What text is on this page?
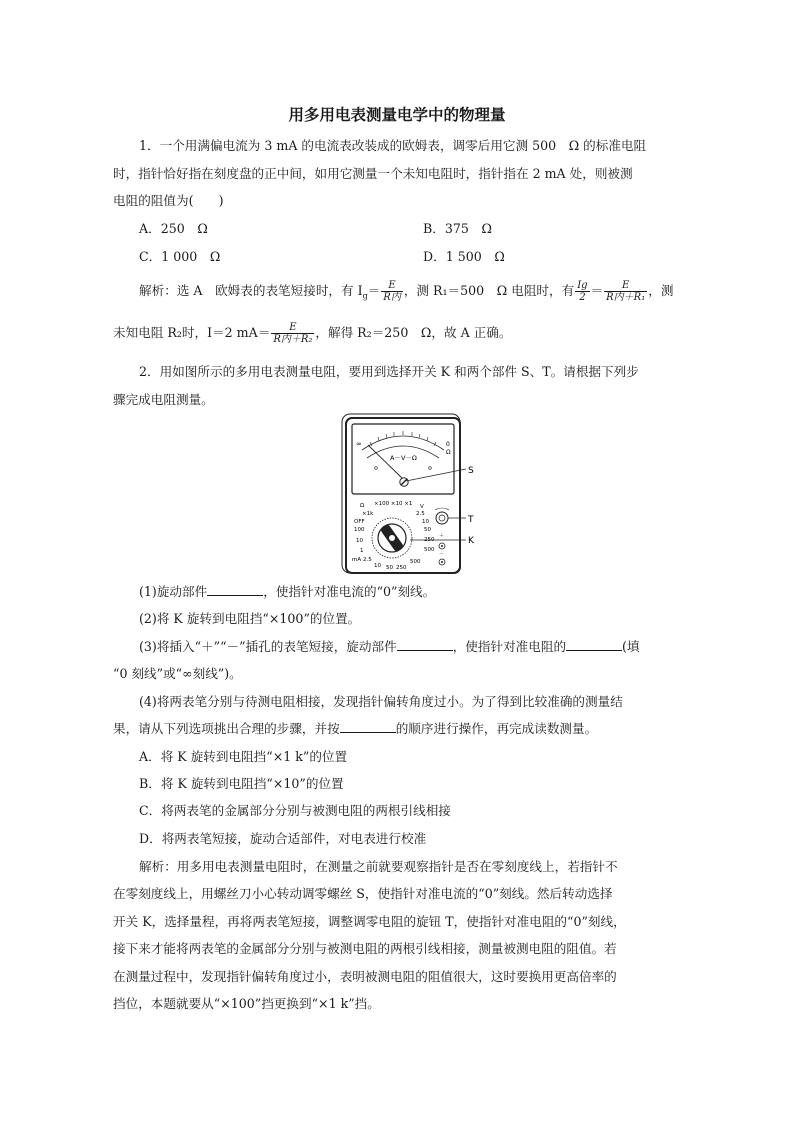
用多用电表测量电学中的物理量
1．一个用满偏电流为 3 mA 的电流表改装成的欧姆表，调零后用它测 500　Ω 的标准电阻
时，指针恰好指在刻度盘的正中间，如用它测量一个未知电阻时，指针指在 2 mA 处，则被测
电阻的阻值为(　　)
A．250　Ω	B．375　Ω
C．1 000　Ω	D．1 500　Ω
解析：选 A　欧姆表的表笔短接时，有 $I_g= \frac{E}{\text{R内}}$ ，测 R₁＝500　Ω 电阻时，有 $\frac{Ig}{2} = \frac{E}{\text{R内＋R₁}}$ ，测
未知电阻 R₂时，I＝2 $mA= \frac{E}{\text{R内＋R₂}}$ ，解得 R₂＝250　Ω，故 A 正确。
2．用如图所示的多用电表测量电阻，要用到选择开关 K 和两个部件 S、T。请根据下列步
骤完成电阻测量。
∞	0
Ω
A－V－Ω
S
Ω ×100 ×10 ×1
×1k
OFF
100
10
1
mA 2.5
10 50 250
500
V
2.5
10
50
250
500
K
T
＋
－
(1)旋动部件	，使指针对准电流的“0”刻线。
(2)将 K 旋转到电阻挡“×100”的位置。
(3)将插入“＋”“－”插孔的表笔短接，旋动部件	，使指针对准电阻的	(填
“0 刻线”或“∞刻线”)。
(4)将两表笔分别与待测电阻相接，发现指针偏转角度过小。为了得到比较准确的测量结
果，请从下列选项挑出合理的步骤，并按	的顺序进行操作，再完成读数测量。
A．将 K 旋转到电阻挡“×1 k”的位置
B．将 K 旋转到电阻挡“×10”的位置
C．将两表笔的金属部分分别与被测电阻的两根引线相接
D．将两表笔短接，旋动合适部件，对电表进行校准
解析：用多用电表测量电阻时，在测量之前就要观察指针是否在零刻度线上，若指针不
在零刻度线上，用螺丝刀小心转动调零螺丝 S，使指针对准电流的“0”刻线。然后转动选择
开关 K，选择量程，再将两表笔短接，调整调零电阻的旋钮 T，使指针对准电阻的“0”刻线，
接下来才能将两表笔的金属部分分别与被测电阻的两根引线相接，测量被测电阻的阻值。若
在测量过程中，发现指针偏转角度过小，表明被测电阻的阻值很大，这时要换用更高倍率的
挡位，本题就要从“×100”挡更换到“×1 k”挡。
